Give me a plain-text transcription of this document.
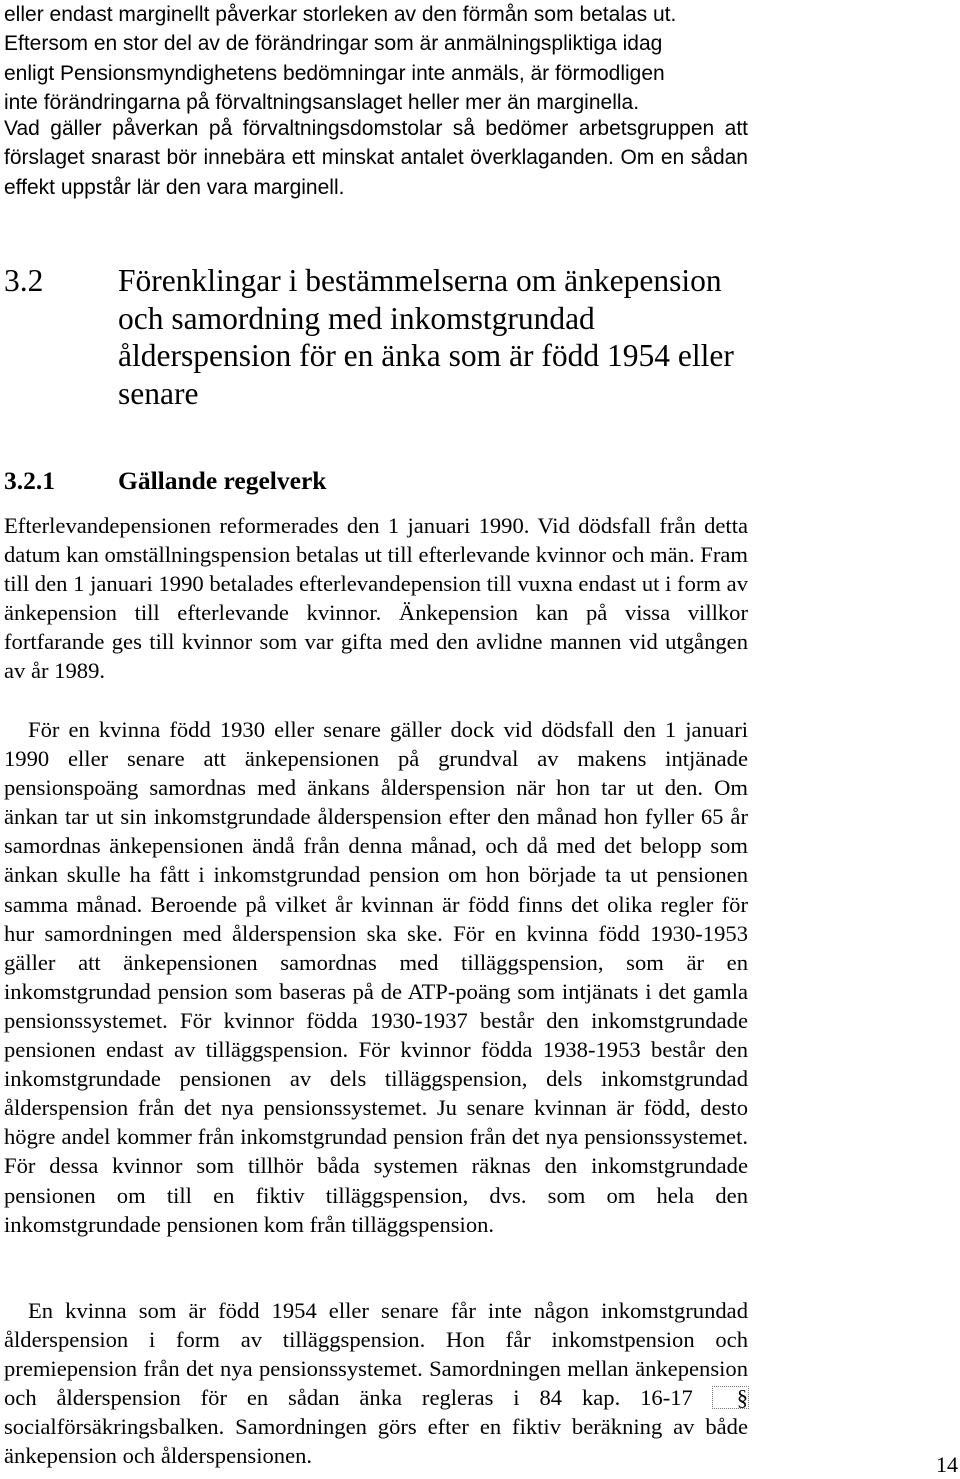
eller endast marginellt påverkar storleken av den förmån som betalas ut.
Eftersom en stor del av de förändringar som är anmälningspliktiga idag
enligt Pensionsmyndighetens bedömningar inte anmäls, är förmodligen
inte förändringarna på förvaltningsanslaget heller mer än marginella.

Vad gäller påverkan på förvaltningsdomstolar så bedömer arbetsgruppen att förslaget snarast bör innebära ett minskat antalet överklaganden. Om en sådan effekt uppstår lär den vara marginell.

3.2 Förenklingar i bestämmelserna om änkepension och samordning med inkomstgrundad ålderspension för en änka som är född 1954 eller senare
3.2.1 Gällande regelverk

Efterlevandepensionen reformerades den 1 januari 1990. Vid dödsfall från detta datum kan omställningspension betalas ut till efterlevande kvinnor och män. Fram till den 1 januari 1990 betalades efterlevandepension till vuxna endast ut i form av änkepension till efterlevande kvinnor. Änkepension kan på vissa villkor fortfarande ges till kvinnor som var gifta med den avlidne mannen vid utgången av år 1989.

För en kvinna född 1930 eller senare gäller dock vid dödsfall den 1 januari 1990 eller senare att änkepensionen på grundval av makens intjänade pensionspoäng samordnas med änkans ålderspension när hon tar ut den. Om änkan tar ut sin inkomstgrundade ålderspension efter den månad hon fyller 65 år samordnas änkepensionen ändå från denna månad, och då med det belopp som änkan skulle ha fått i inkomstgrundad pension om hon började ta ut pensionen samma månad. Beroende på vilket år kvinnan är född finns det olika regler för hur samordningen med ålderspension ska ske. För en kvinna född 1930-1953 gäller att änkepensionen samordnas med tilläggspension, som är en inkomstgrundad pension som baseras på de ATP-poäng som intjänats i det gamla pensionssystemet. För kvinnor födda 1930-1937 består den inkomstgrundade pensionen endast av tilläggspension. För kvinnor födda 1938-1953 består den inkomstgrundade pensionen av dels tilläggspension, dels inkomstgrundad ålderspension från det nya pensionssystemet. Ju senare kvinnan är född, desto högre andel kommer från inkomstgrundad pension från det nya pensionssystemet. För dessa kvinnor som tillhör båda systemen räknas den inkomstgrundade pensionen om till en fiktiv tilläggspension, dvs. som om hela den inkomstgrundade pensionen kom från tilläggspension.

En kvinna som är född 1954 eller senare får inte någon inkomstgrundad ålderspension i form av tilläggspension. Hon får inkomstpension och premiepension från det nya pensionssystemet. Samordningen mellan änkepension och ålderspension för en sådan änka regleras i 84 kap. 16-17 §
socialförsäkringsbalken. Samordningen görs efter en fiktiv beräkning av både änkepension och ålderspensionen.	14
